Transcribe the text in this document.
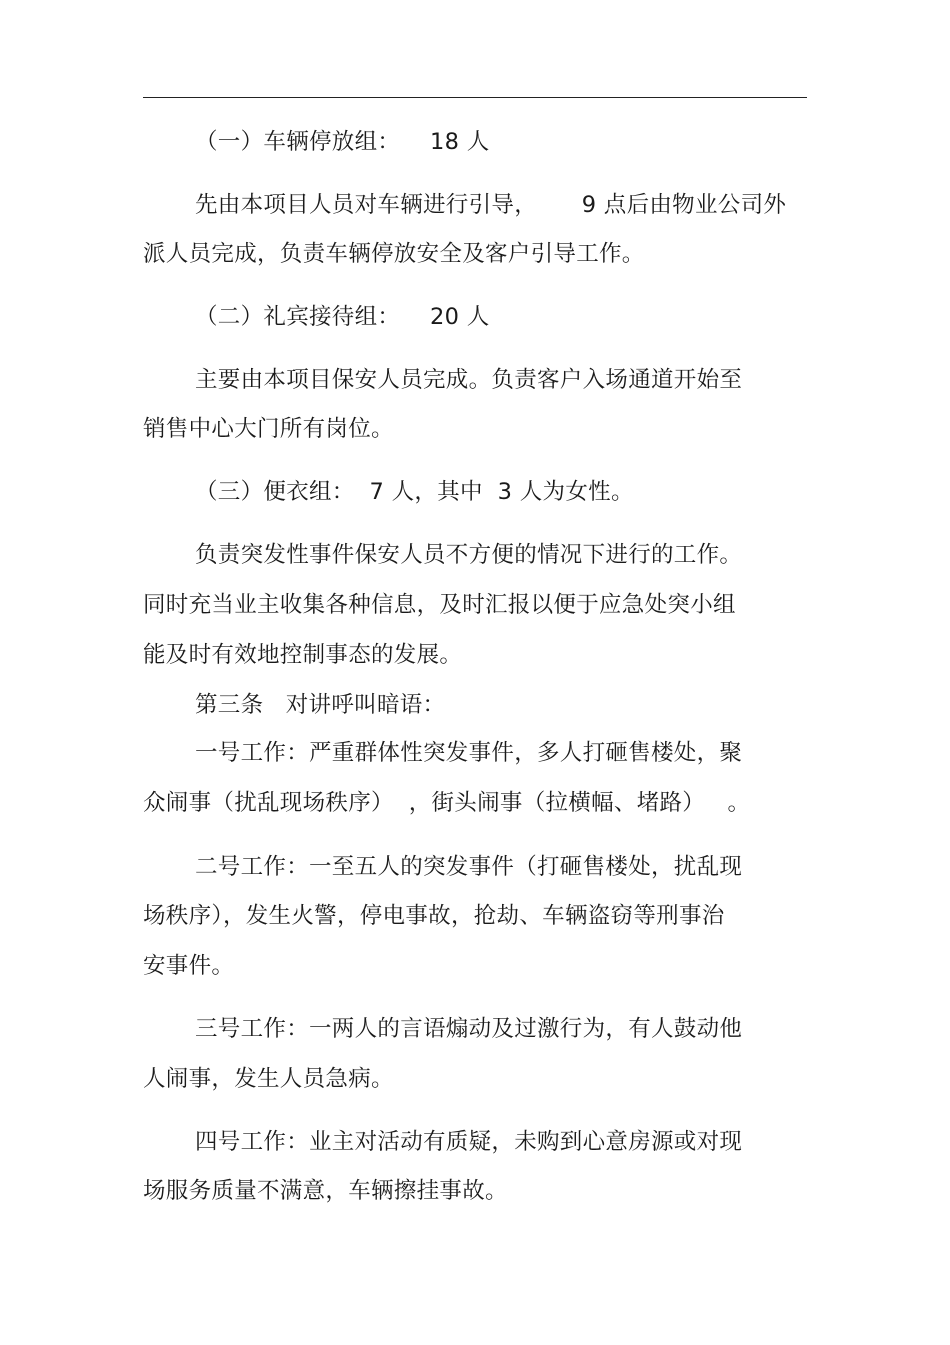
（一）车辆停放组：    18 人
先由本项目人员对车辆进行引导，      9 点后由物业公司外
派人员完成，负责车辆停放安全及客户引导工作。
（二）礼宾接待组：    20 人
主要由本项目保安人员完成。负责客户入场通道开始至
销售中心大门所有岗位。
（三）便衣组：  7 人，其中  3 人为女性。
负责突发性事件保安人员不方便的情况下进行的工作。
同时充当业主收集各种信息，及时汇报以便于应急处突小组
能及时有效地控制事态的发展。
第三条   对讲呼叫暗语：
一号工作：严重群体性突发事件，多人打砸售楼处，聚
众闹事（扰乱现场秩序）  ，街头闹事（拉横幅、堵路）   。
二号工作：一至五人的突发事件（打砸售楼处，扰乱现
场秩序），发生火警，停电事故，抢劫、车辆盗窃等刑事治
安事件。
三号工作：一两人的言语煽动及过激行为，有人鼓动他
人闹事，发生人员急病。
四号工作：业主对活动有质疑，未购到心意房源或对现
场服务质量不满意，车辆擦挂事故。
